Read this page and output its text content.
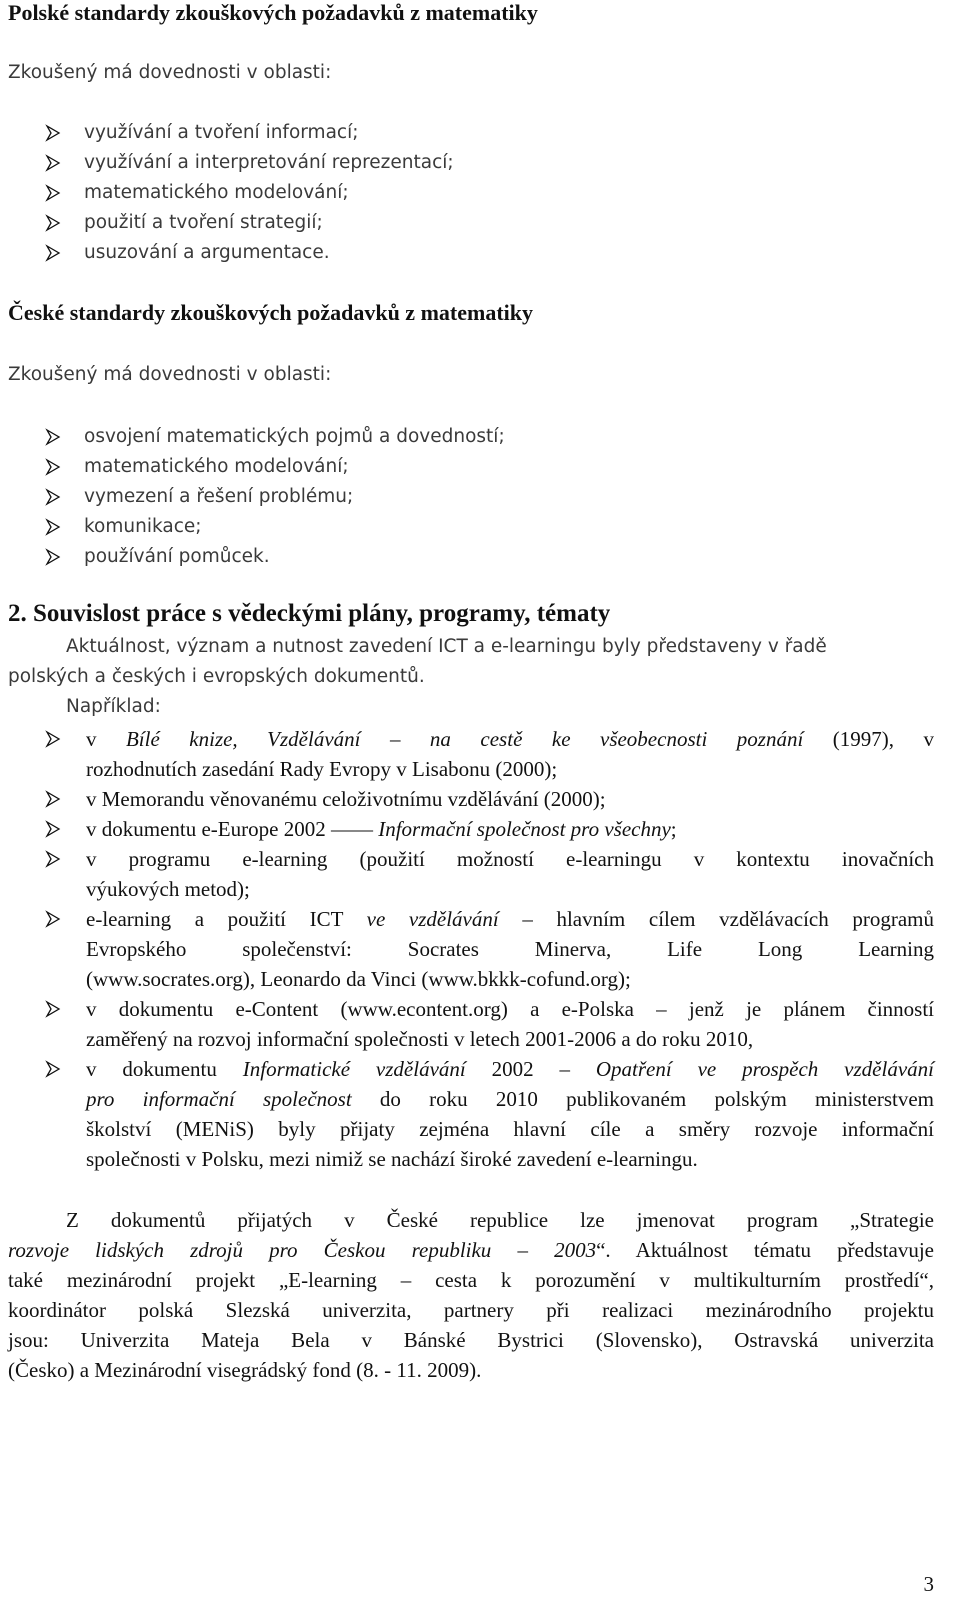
Polské standardy zkouškových požadavků z matematiky
Zkoušený má dovednosti v oblasti:
využívání a tvoření informací;
využívání a interpretování reprezentací;
matematického modelování;
použití a tvoření strategií;
usuzování a argumentace.
České standardy zkouškových požadavků z matematiky
Zkoušený má dovednosti v oblasti:
osvojení matematických pojmů a dovedností;
matematického modelování;
vymezení a řešení problému;
komunikace;
používání pomůcek.
2. Souvislost práce s vědeckými plány, programy, tématy
Aktuálnost, význam a nutnost zavedení ICT a e-learningu byly představeny v řadě
polských a českých i evropských dokumentů.
Například:
v Bílé knize, Vzdělávání – na cestě ke všeobecnosti poznání (1997), v
rozhodnutích zasedání Rady Evropy v Lisabonu (2000);
v Memorandu věnovanému celoživotnímu vzdělávání (2000);
v dokumentu e-Europe 2002 —— Informační společnost pro všechny;
v programu e-learning (použití možností e-learningu v kontextu inovačních
výukových metod);
e-learning a použití ICT ve vzdělávání – hlavním cílem vzdělávacích programů
Evropského společenství: Socrates Minerva, Life Long Learning
(www.socrates.org), Leonardo da Vinci (www.bkkk-cofund.org);
v dokumentu e-Content (www.econtent.org) a e-Polska – jenž je plánem činností
zaměřený na rozvoj informační společnosti v letech 2001-2006 a do roku 2010,
v dokumentu Informatické vzdělávání 2002 – Opatření ve prospěch vzdělávání
pro informační společnost do roku 2010 publikovaném polským ministerstvem
školství (MENiS) byly přijaty zejména hlavní cíle a směry rozvoje informační
společnosti v Polsku, mezi nimiž se nachází široké zavedení e-learningu.
Z dokumentů přijatých v České republice lze jmenovat program „Strategie
rozvoje lidských zdrojů pro Českou republiku – 2003“. Aktuálnost tématu představuje
také mezinárodní projekt „E-learning – cesta k porozumění v multikulturním prostředí“,
koordinátor polská Slezská univerzita, partnery při realizaci mezinárodního projektu
jsou: Univerzita Mateja Bela v Bánské Bystrici (Slovensko), Ostravská univerzita
(Česko) a Mezinárodní visegrádský fond (8. - 11. 2009).
3
